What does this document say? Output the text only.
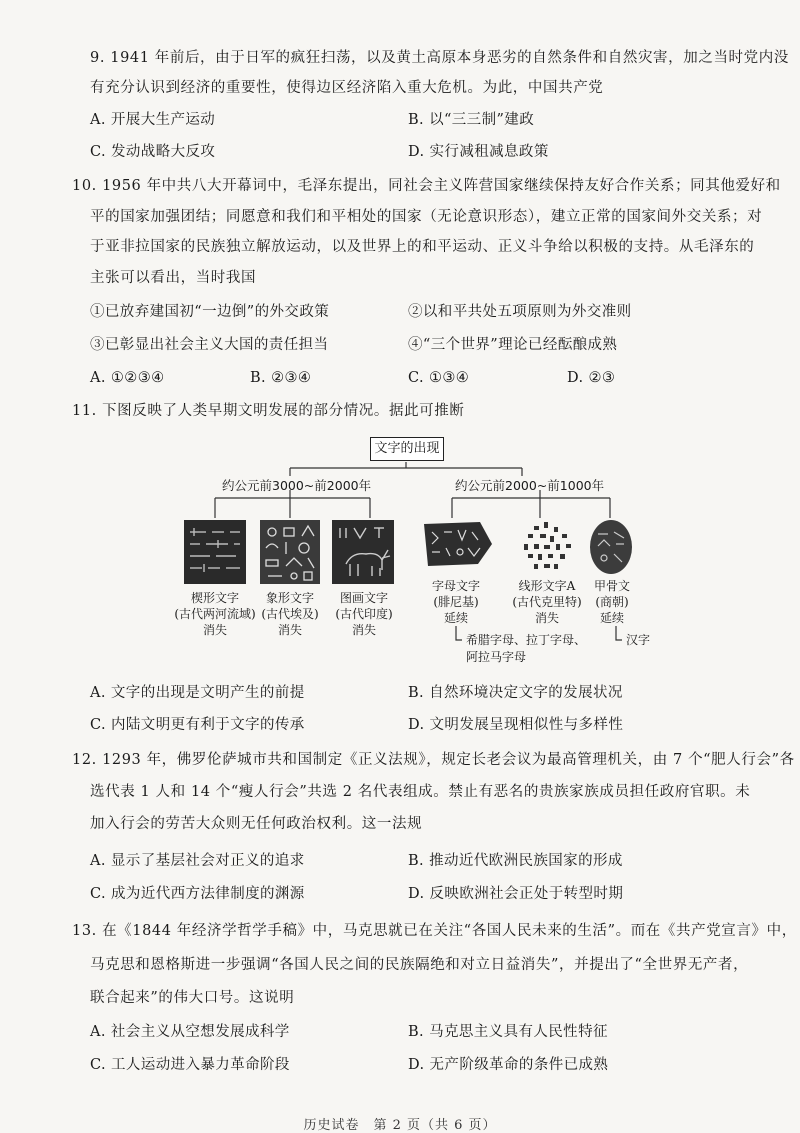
9. 1941 年前后，由于日军的疯狂扫荡，以及黄土高原本身恶劣的自然条件和自然灾害，加之当时党内没
有充分认识到经济的重要性，使得边区经济陷入重大危机。为此，中国共产党
A. 开展大生产运动	B. 以“三三制”建政
C. 发动战略大反攻	D. 实行减租减息政策
10. 1956 年中共八大开幕词中，毛泽东提出，同社会主义阵营国家继续保持友好合作关系；同其他爱好和
平的国家加强团结；同愿意和我们和平相处的国家（无论意识形态），建立正常的国家间外交关系；对
于亚非拉国家的民族独立解放运动，以及世界上的和平运动、正义斗争给以积极的支持。从毛泽东的
主张可以看出，当时我国
①已放弃建国初“一边倒”的外交政策	②以和平共处五项原则为外交准则
③已彰显出社会主义大国的责任担当	④“三个世界”理论已经酝酿成熟
A. ①②③④	B. ②③④	C. ①③④	D. ②③
11. 下图反映了人类早期文明发展的部分情况。据此可推断
文字的出现
约公元前3000~前2000年	约公元前2000~前1000年
楔形文字
(古代两河流域)
消失
象形文字
(古代埃及)
消失
图画文字
(古代印度)
消失
字母文字
(腓尼基)
延续
线形文字A
(古代克里特)
消失
甲骨文
(商朝)
延续
希腊字母、拉丁字母、
阿拉马字母
汉字
A. 文字的出现是文明产生的前提	B. 自然环境决定文字的发展状况
C. 内陆文明更有利于文字的传承	D. 文明发展呈现相似性与多样性
12. 1293 年，佛罗伦萨城市共和国制定《正义法规》，规定长老会议为最高管理机关，由 7 个“肥人行会”各
选代表 1 人和 14 个“瘦人行会”共选 2 名代表组成。禁止有恶名的贵族家族成员担任政府官职。未
加入行会的劳苦大众则无任何政治权利。这一法规
A. 显示了基层社会对正义的追求	B. 推动近代欧洲民族国家的形成
C. 成为近代西方法律制度的渊源	D. 反映欧洲社会正处于转型时期
13. 在《1844 年经济学哲学手稿》中，马克思就已在关注“各国人民未来的生活”。而在《共产党宣言》中，
马克思和恩格斯进一步强调“各国人民之间的民族隔绝和对立日益消失”，并提出了“全世界无产者，
联合起来”的伟大口号。这说明
A. 社会主义从空想发展成科学	B. 马克思主义具有人民性特征
C. 工人运动进入暴力革命阶段	D. 无产阶级革命的条件已成熟
历史试卷　第 2 页（共 6 页）
